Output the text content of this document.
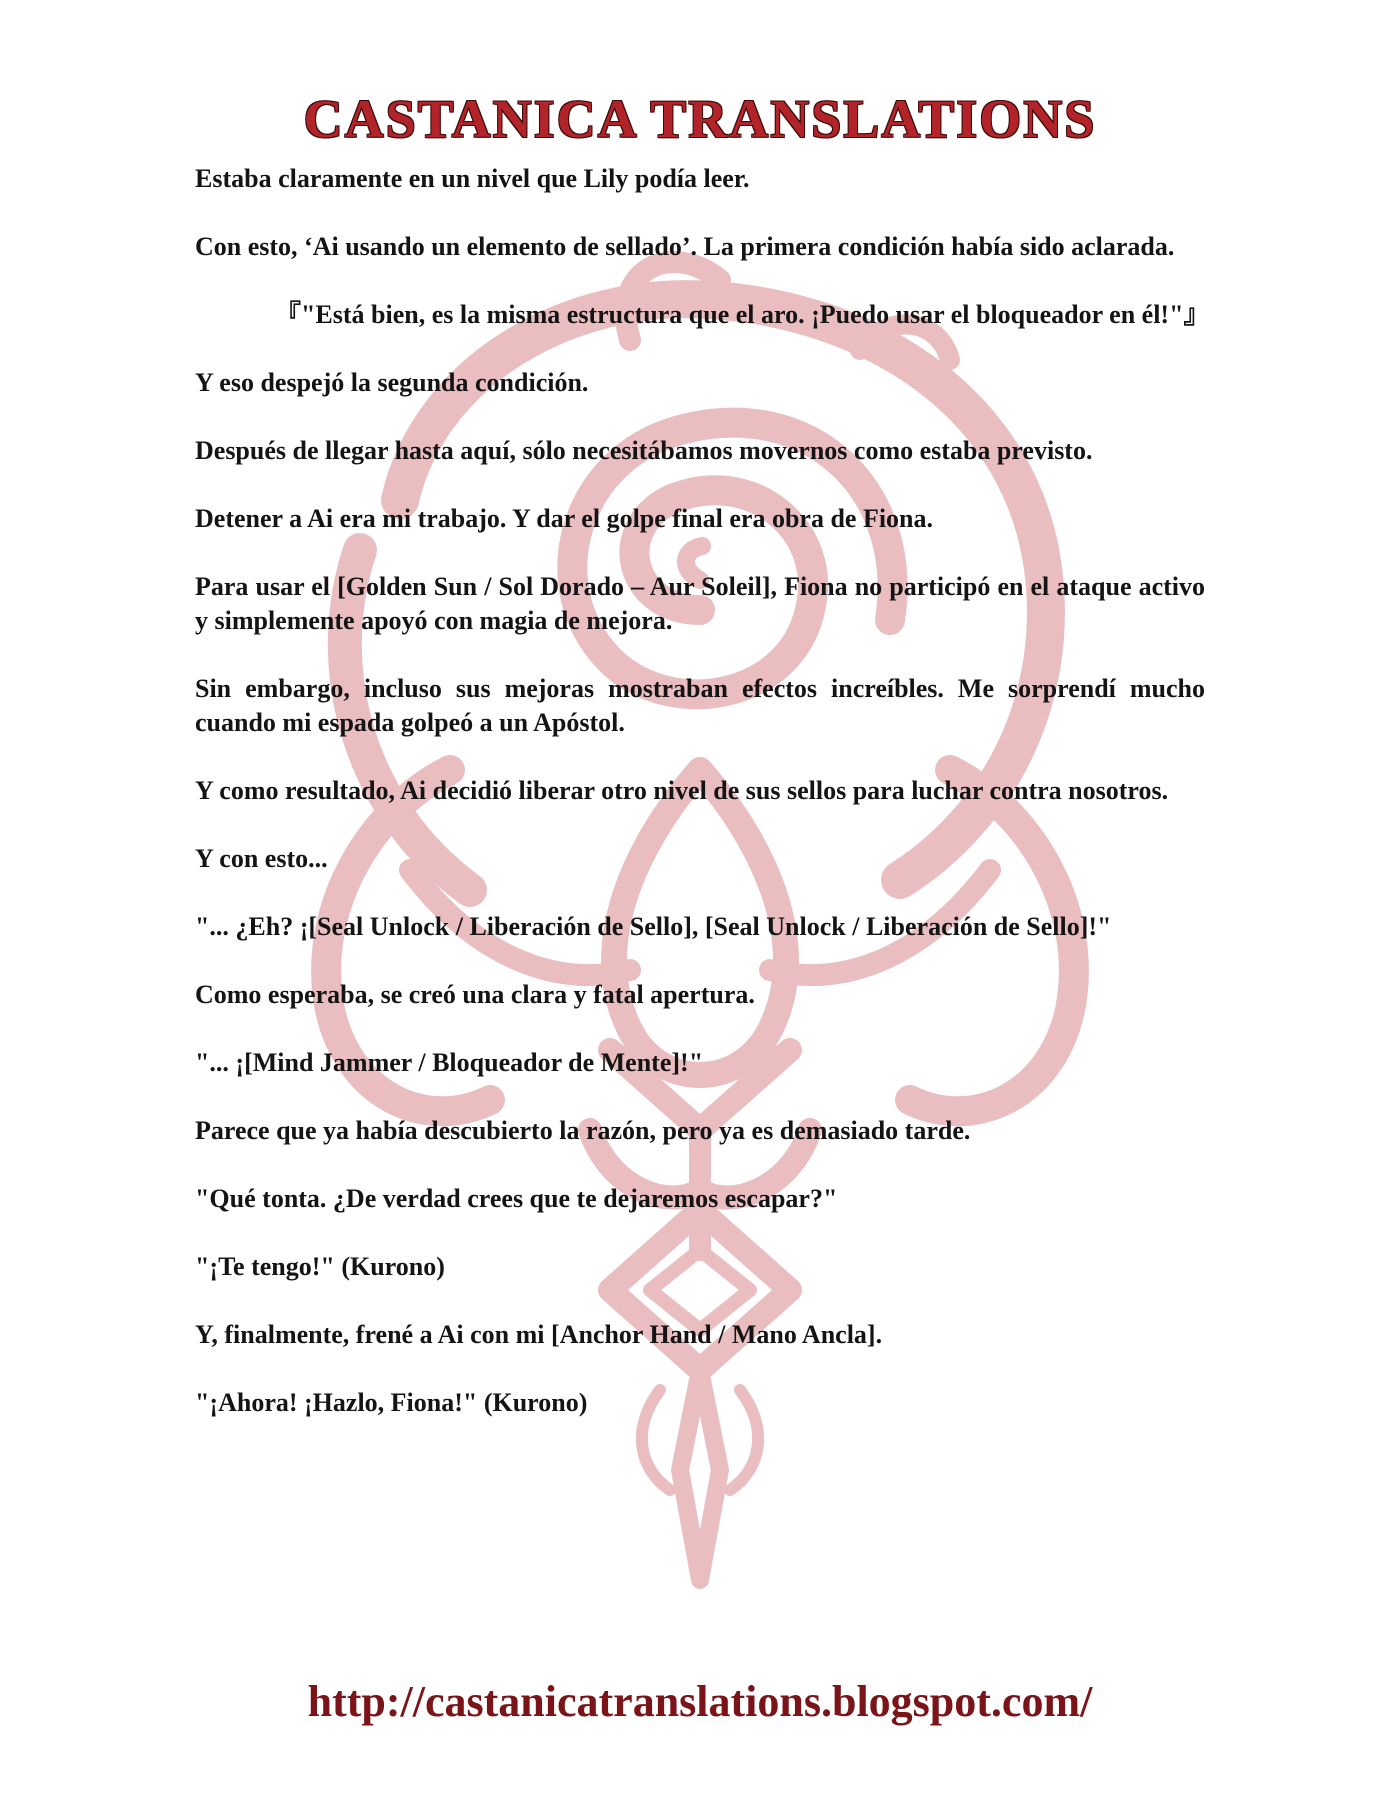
CASTANICA TRANSLATIONS

Estaba claramente en un nivel que Lily podía leer.

Con esto, ‘Ai usando un elemento de sellado’. La primera condición había sido aclarada.

『"Está bien, es la misma estructura que el aro. ¡Puedo usar el bloqueador en él!"』

Y eso despejó la segunda condición.

Después de llegar hasta aquí, sólo necesitábamos movernos como estaba previsto.

Detener a Ai era mi trabajo. Y dar el golpe final era obra de Fiona.

Para usar el [Golden Sun / Sol Dorado – Aur Soleil], Fiona no participó en el ataque activo y simplemente apoyó con magia de mejora.

Sin embargo, incluso sus mejoras mostraban efectos increíbles. Me sorprendí mucho cuando mi espada golpeó a un Apóstol.

Y como resultado, Ai decidió liberar otro nivel de sus sellos para luchar contra nosotros.

Y con esto...

"... ¿Eh? ¡[Seal Unlock / Liberación de Sello], [Seal Unlock / Liberación de Sello]!"

Como esperaba, se creó una clara y fatal apertura.

"... ¡[Mind Jammer / Bloqueador de Mente]!"

Parece que ya había descubierto la razón, pero ya es demasiado tarde.

"Qué tonta. ¿De verdad crees que te dejaremos escapar?"

"¡Te tengo!" (Kurono)

Y, finalmente, frené a Ai con mi [Anchor Hand / Mano Ancla].

"¡Ahora! ¡Hazlo, Fiona!" (Kurono)

http://castanicatranslations.blogspot.com/
